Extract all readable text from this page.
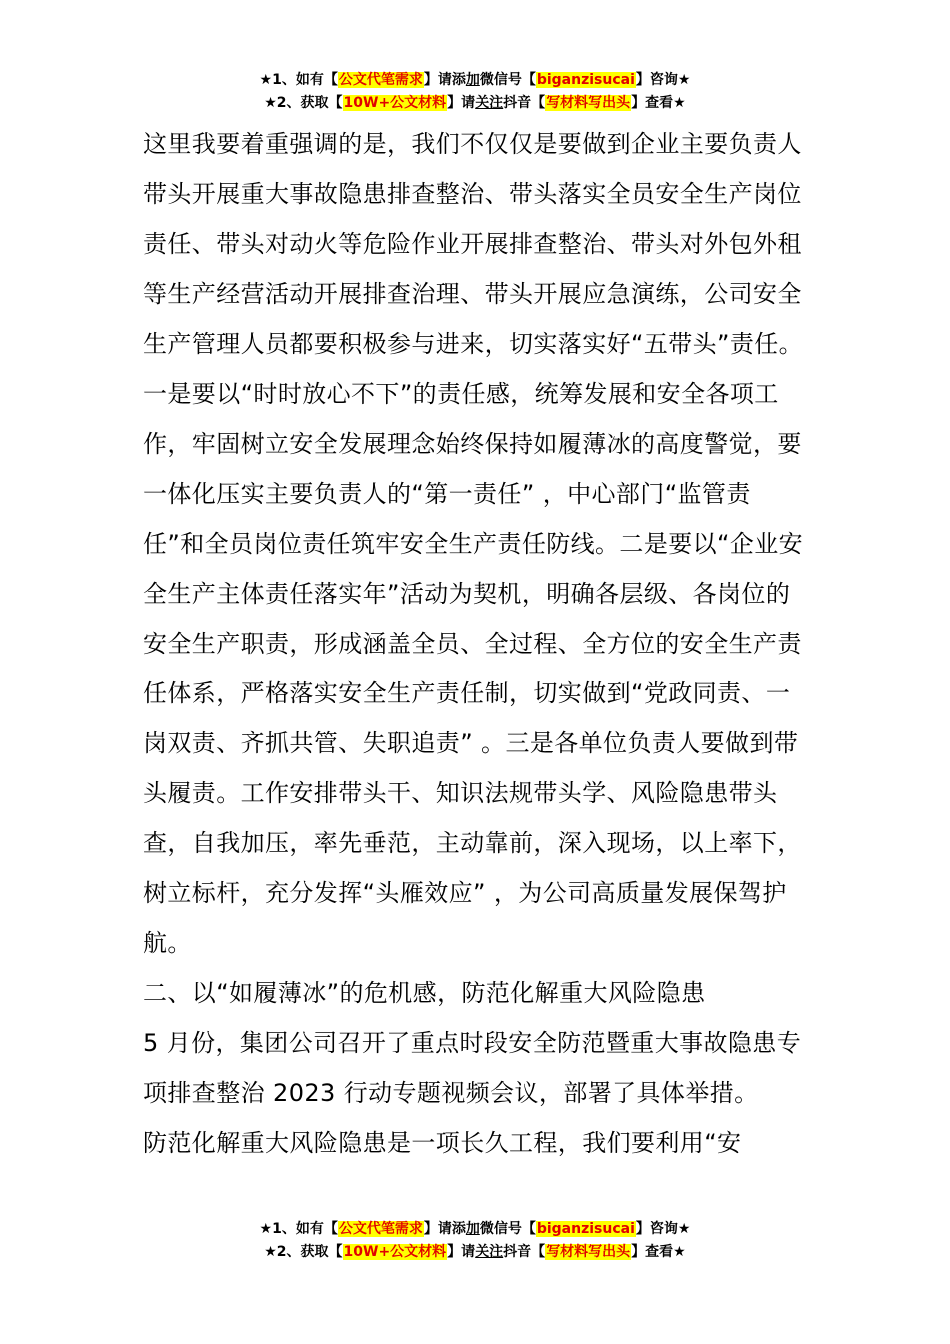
★1、如有【公文代笔需求】请添加微信号【biganzisucai】咨询★
★2、获取【10W+公文材料】请关注抖音【写材料写出头】查看★

这里我要着重强调的是，我们不仅仅是要做到企业主要负责人带头开展重大事故隐患排查整治、带头落实全员安全生产岗位责任、带头对动火等危险作业开展排查整治、带头对外包外租等生产经营活动开展排查治理、带头开展应急演练，公司安全生产管理人员都要积极参与进来，切实落实好“五带头”责任。一是要以“时时放心不下”的责任感，统筹发展和安全各项工作，牢固树立安全发展理念始终保持如履薄冰的高度警觉，要一体化压实主要负责人的“第一责任” ，中心部门“监管责任”和全员岗位责任筑牢安全生产责任防线。二是要以“企业安全生产主体责任落实年”活动为契机，明确各层级、各岗位的安全生产职责，形成涵盖全员、全过程、全方位的安全生产责任体系，严格落实安全生产责任制，切实做到“党政同责、一岗双责、齐抓共管、失职追责” 。三是各单位负责人要做到带头履责。工作安排带头干、知识法规带头学、风险隐患带头查，自我加压，率先垂范，主动靠前，深入现场，以上率下，树立标杆，充分发挥“头雁效应” ，为公司高质量发展保驾护航。

二、以“如履薄冰”的危机感，防范化解重大风险隐患

5 月份，集团公司召开了重点时段安全防范暨重大事故隐患专项排查整治 2023 行动专题视频会议，部署了具体举措。

防范化解重大风险隐患是一项长久工程，我们要利用“安

★1、如有【公文代笔需求】请添加微信号【biganzisucai】咨询★
★2、获取【10W+公文材料】请关注抖音【写材料写出头】查看★
